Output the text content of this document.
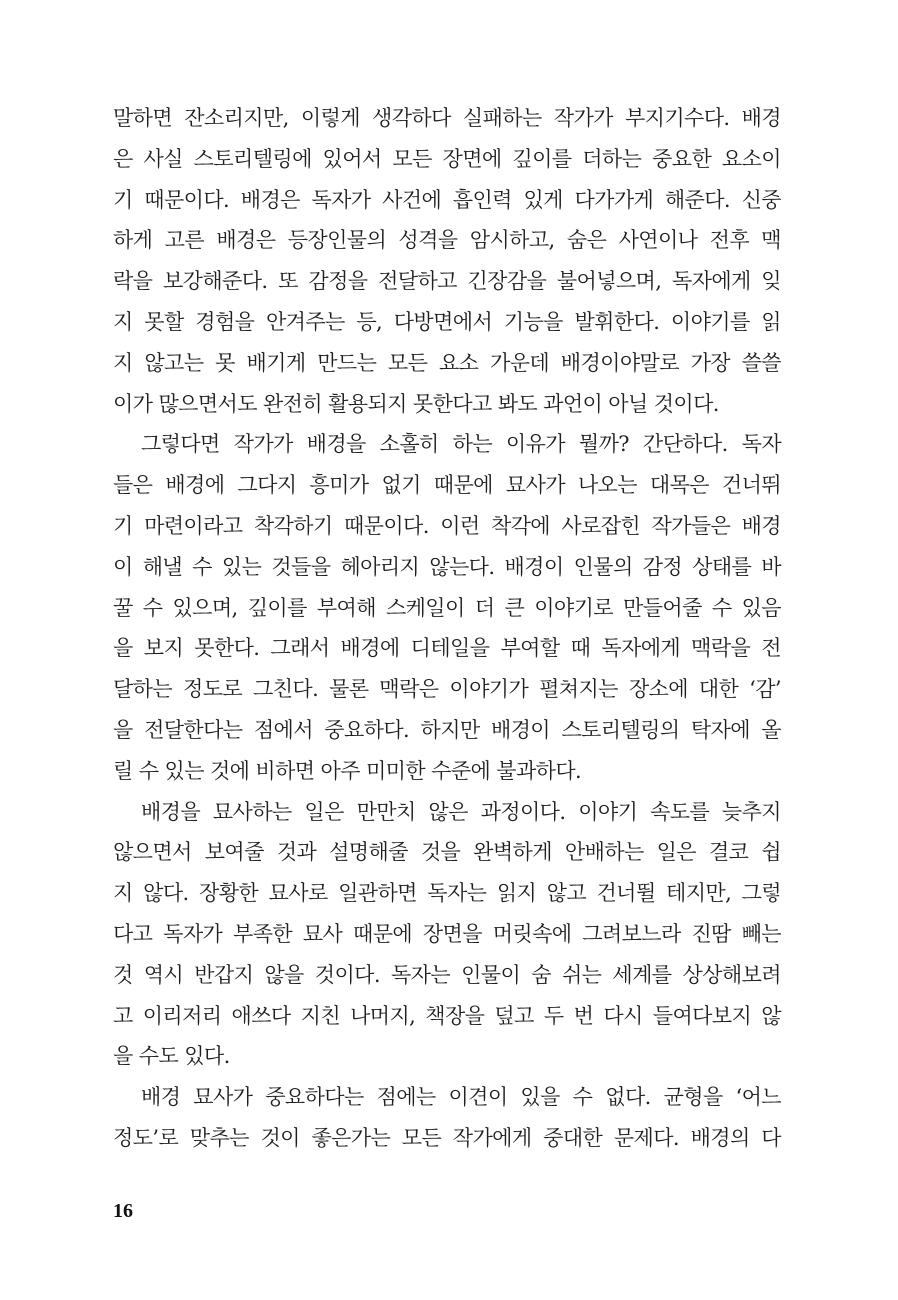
말하면 잔소리지만, 이렇게 생각하다 실패하는 작가가 부지기수다. 배경
은 사실 스토리텔링에 있어서 모든 장면에 깊이를 더하는 중요한 요소이
기 때문이다. 배경은 독자가 사건에 흡인력 있게 다가가게 해준다. 신중
하게 고른 배경은 등장인물의 성격을 암시하고, 숨은 사연이나 전후 맥
락을 보강해준다. 또 감정을 전달하고 긴장감을 불어넣으며, 독자에게 잊
지 못할 경험을 안겨주는 등, 다방면에서 기능을 발휘한다. 이야기를 읽
지 않고는 못 배기게 만드는 모든 요소 가운데 배경이야말로 가장 쓸쓸
이가 많으면서도 완전히 활용되지 못한다고 봐도 과언이 아닐 것이다.
그렇다면 작가가 배경을 소홀히 하는 이유가 뭘까? 간단하다. 독자
들은 배경에 그다지 흥미가 없기 때문에 묘사가 나오는 대목은 건너뛰
기 마련이라고 착각하기 때문이다. 이런 착각에 사로잡힌 작가들은 배경
이 해낼 수 있는 것들을 헤아리지 않는다. 배경이 인물의 감정 상태를 바
꿀 수 있으며, 깊이를 부여해 스케일이 더 큰 이야기로 만들어줄 수 있음
을 보지 못한다. 그래서 배경에 디테일을 부여할 때 독자에게 맥락을 전
달하는 정도로 그친다. 물론 맥락은 이야기가 펼쳐지는 장소에 대한 ‘감’
을 전달한다는 점에서 중요하다. 하지만 배경이 스토리텔링의 탁자에 올
릴 수 있는 것에 비하면 아주 미미한 수준에 불과하다.
배경을 묘사하는 일은 만만치 않은 과정이다. 이야기 속도를 늦추지
않으면서 보여줄 것과 설명해줄 것을 완벽하게 안배하는 일은 결코 쉽
지 않다. 장황한 묘사로 일관하면 독자는 읽지 않고 건너뛸 테지만, 그렇
다고 독자가 부족한 묘사 때문에 장면을 머릿속에 그려보느라 진땀 빼는
것 역시 반갑지 않을 것이다. 독자는 인물이 숨 쉬는 세계를 상상해보려
고 이리저리 애쓰다 지친 나머지, 책장을 덮고 두 번 다시 들여다보지 않
을 수도 있다.
배경 묘사가 중요하다는 점에는 이견이 있을 수 없다. 균형을 ‘어느
정도’로 맞추는 것이 좋은가는 모든 작가에게 중대한 문제다. 배경의 다
16
